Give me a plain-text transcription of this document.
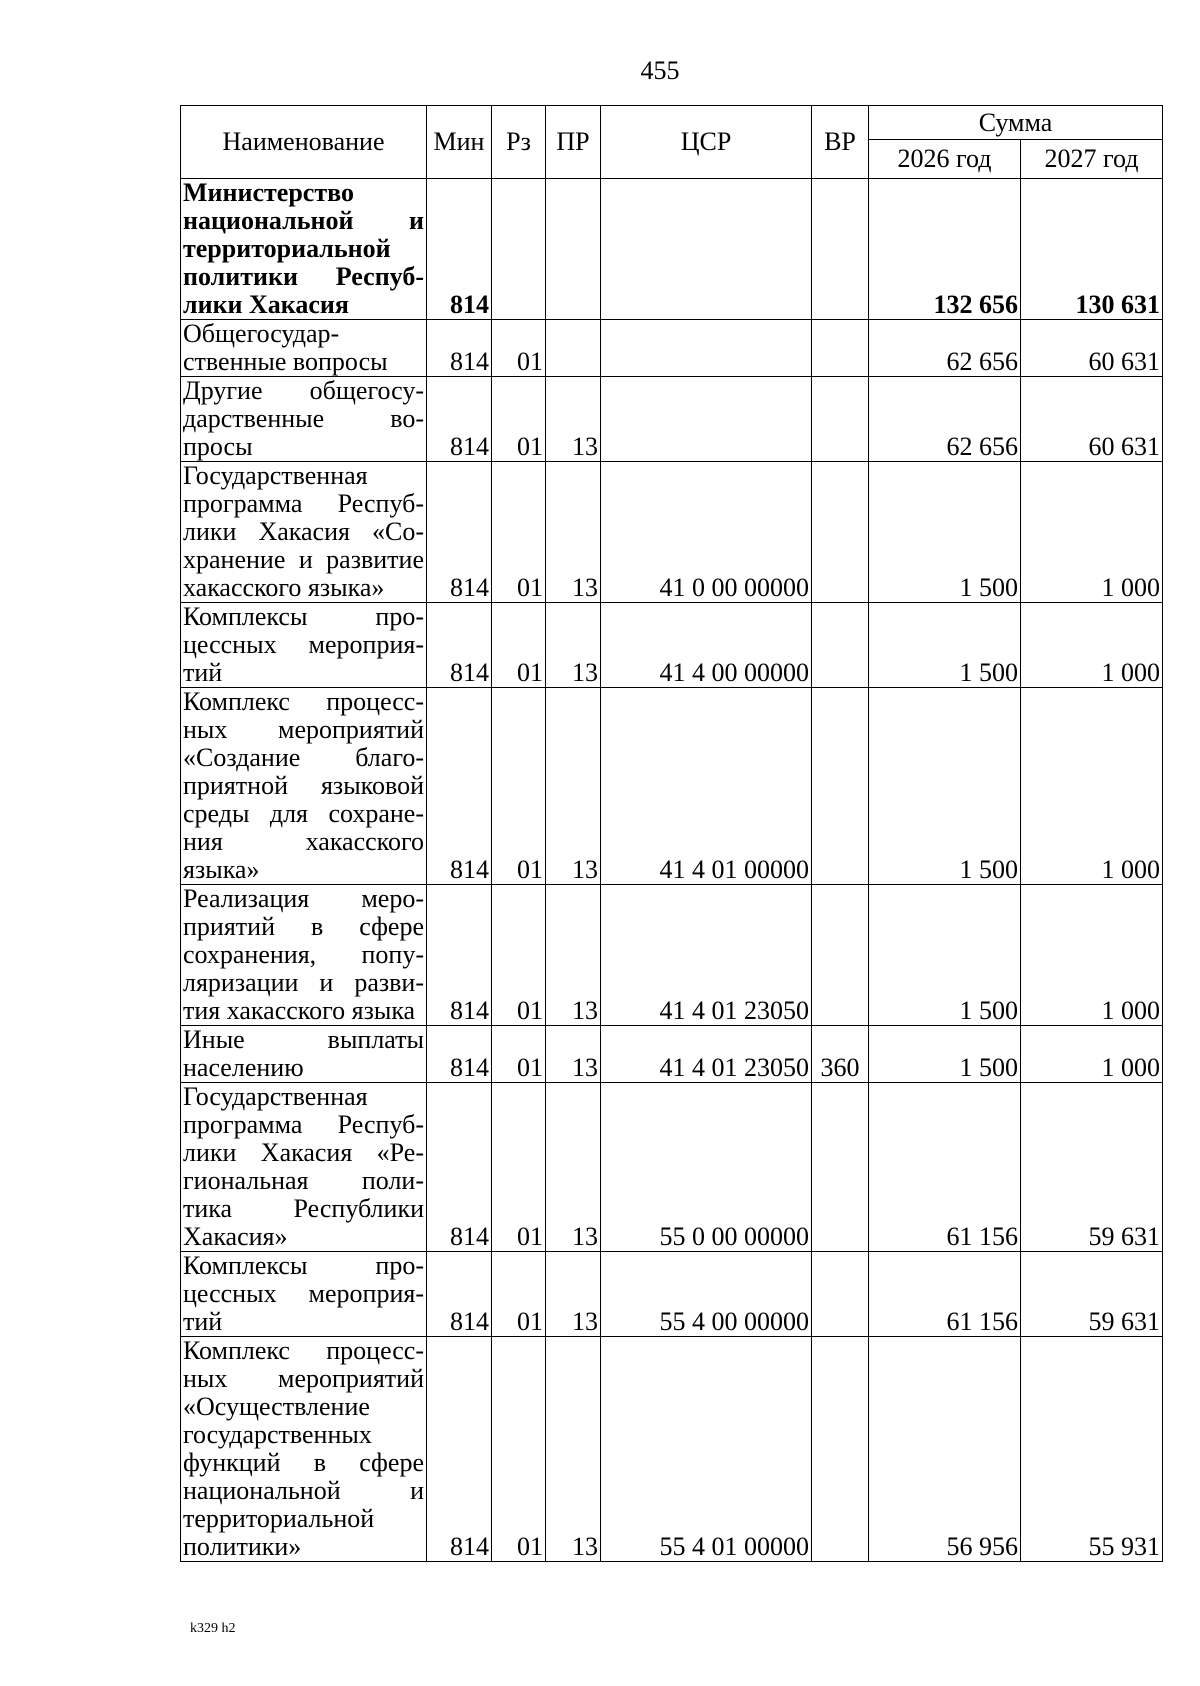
455
Наименование	Мин	Рз	ПР	ЦСР	ВР	Сумма	
						2026 год	2027 год
Министерство национальной и территориальной политики Респуб-лики Хакасия	814					132 656	130 631
Общегосудар-ственные вопросы	814	01				62 656	60 631
Другие общегосу-дарственные во-просы	814	01	13			62 656	60 631
Государственная программа Респуб-лики Хакасия «Со-хранение и развитие хакасского языка»	814	01	13	41 0 00 00000		1 500	1 000
Комплексы про-цессных мероприя-тий	814	01	13	41 4 00 00000		1 500	1 000
Комплекс процесс-ных мероприятий «Создание благо-приятной языковой среды для сохране-ния хакасского языка»	814	01	13	41 4 01 00000		1 500	1 000
Реализация меро-приятий в сфере сохранения, попу-ляризации и разви-тия хакасского языка	814	01	13	41 4 01 23050		1 500	1 000
Иные выплаты населению	814	01	13	41 4 01 23050	360	1 500	1 000
Государственная программа Респуб-лики Хакасия «Ре-гиональная поли-тика Республики Хакасия»	814	01	13	55 0 00 00000		61 156	59 631
Комплексы про-цессных мероприя-тий	814	01	13	55 4 00 00000		61 156	59 631
Комплекс процесс-ных мероприятий «Осуществление государственных функций в сфере национальной и территориальной политики»	814	01	13	55 4 01 00000		56 956	55 931
k329 h2
